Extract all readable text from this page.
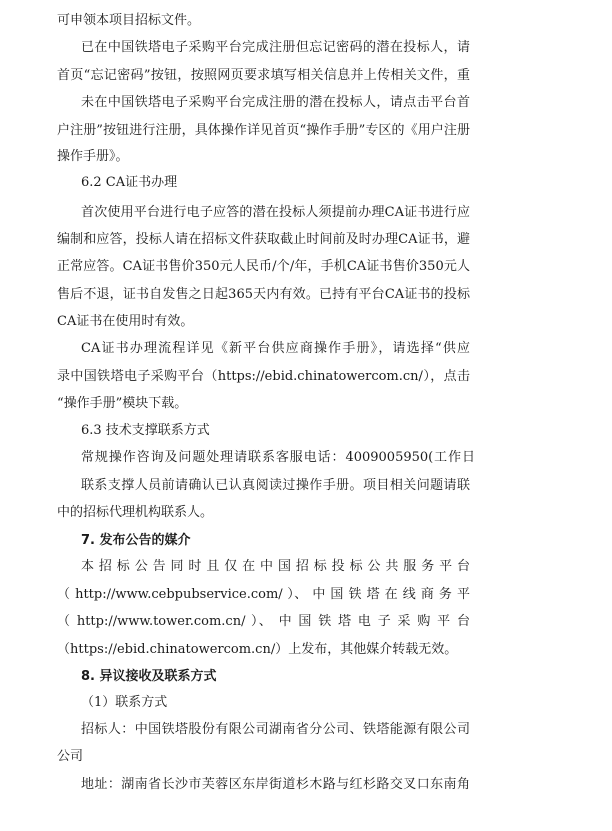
可申领本项目招标文件。
已在中国铁塔电子采购平台完成注册但忘记密码的潜在投标人，请
首页“忘记密码”按钮，按照网页要求填写相关信息并上传相关文件，重
未在中国铁塔电子采购平台完成注册的潜在投标人，请点击平台首
户注册”按钮进行注册，具体操作详见首页“操作手册”专区的《用户注册
操作手册》。
6.2 CA证书办理
首次使用平台进行电子应答的潜在投标人须提前办理CA证书进行应
编制和应答，投标人请在招标文件获取截止时间前及时办理CA证书，避
正常应答。CA证书售价350元人民币/个/年，手机CA证书售价350元人
售后不退，证书自发售之日起365天内有效。已持有平台CA证书的投标
CA证书在使用时有效。
CA证书办理流程详见《新平台供应商操作手册》，请选择“供应
录中国铁塔电子采购平台（https://ebid.chinatowercom.cn/），点击
“操作手册”模块下载。
6.3 技术支撑联系方式
常规操作咨询及问题处理请联系客服电话：4009005950(工作日
联系支撑人员前请确认已认真阅读过操作手册。项目相关问题请联
中的招标代理机构联系人。
7. 发布公告的媒介
本 招 标 公 告 同 时 且 仅 在 中 国 招 标 投 标 公 共 服 务 平 台
（ http://www.cebpubservice.com/ ）、 中 国 铁 塔 在 线 商 务 平
（ http://www.tower.com.cn/ ）、 中 国 铁 塔 电 子 采 购 平 台
（https://ebid.chinatowercom.cn/）上发布，其他媒介转载无效。
8. 异议接收及联系方式
（1）联系方式
招标人：中国铁塔股份有限公司湖南省分公司、铁塔能源有限公司
公司
地址：湖南省长沙市芙蓉区东岸街道杉木路与红杉路交叉口东南角
